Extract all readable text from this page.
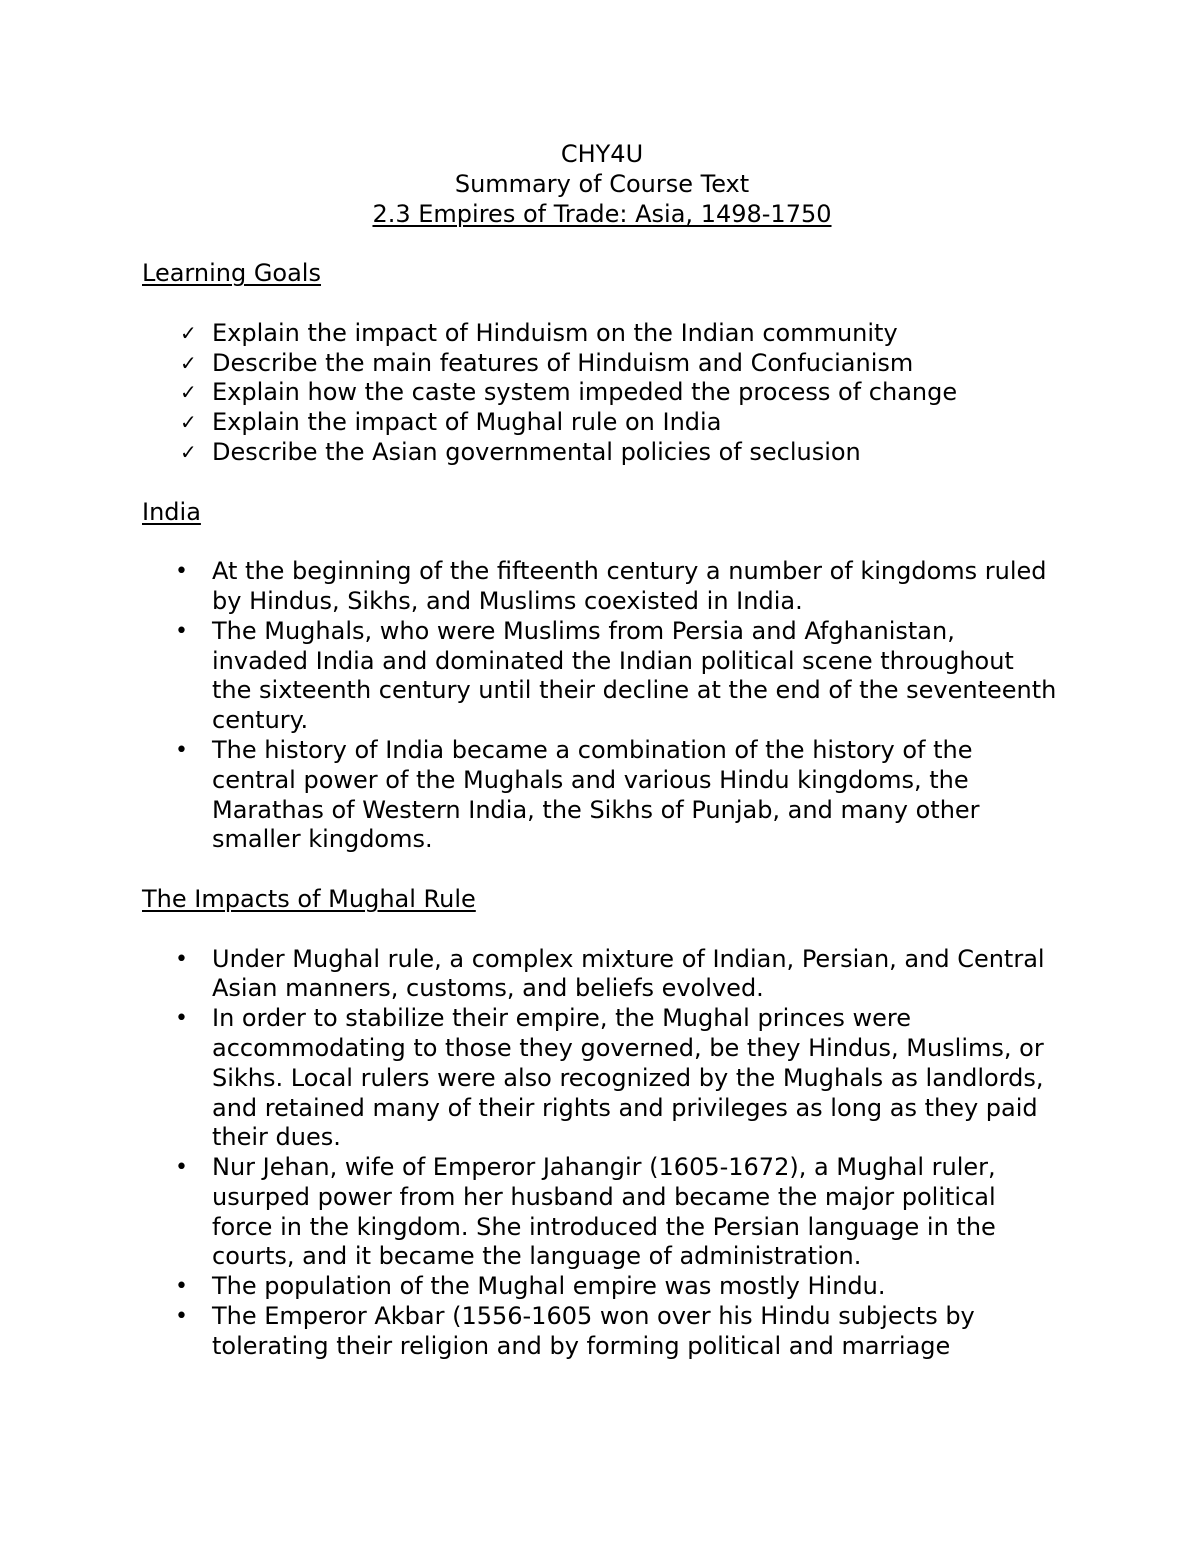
CHY4U
Summary of Course Text
2.3 Empires of Trade: Asia, 1498-1750
Learning Goals
✓ Explain the impact of Hinduism on the Indian community
✓ Describe the main features of Hinduism and Confucianism
✓ Explain how the caste system impeded the process of change
✓ Explain the impact of Mughal rule on India
✓ Describe the Asian governmental policies of seclusion
India
•	At the beginning of the fifteenth century a number of kingdoms ruled by Hindus, Sikhs, and Muslims coexisted in India.
•	The Mughals, who were Muslims from Persia and Afghanistan, invaded India and dominated the Indian political scene throughout the sixteenth century until their decline at the end of the seventeenth century.
•	The history of India became a combination of the history of the central power of the Mughals and various Hindu kingdoms, the Marathas of Western India, the Sikhs of Punjab, and many other smaller kingdoms.
The Impacts of Mughal Rule
•	Under Mughal rule, a complex mixture of Indian, Persian, and Central Asian manners, customs, and beliefs evolved.
•	In order to stabilize their empire, the Mughal princes were accommodating to those they governed, be they Hindus, Muslims, or Sikhs. Local rulers were also recognized by the Mughals as landlords, and retained many of their rights and privileges as long as they paid their dues.
•	Nur Jehan, wife of Emperor Jahangir (1605-1672), a Mughal ruler, usurped power from her husband and became the major political force in the kingdom. She introduced the Persian language in the courts, and it became the language of administration.
•	The population of the Mughal empire was mostly Hindu.
•	The Emperor Akbar (1556-1605 won over his Hindu subjects by tolerating their religion and by forming political and marriage
